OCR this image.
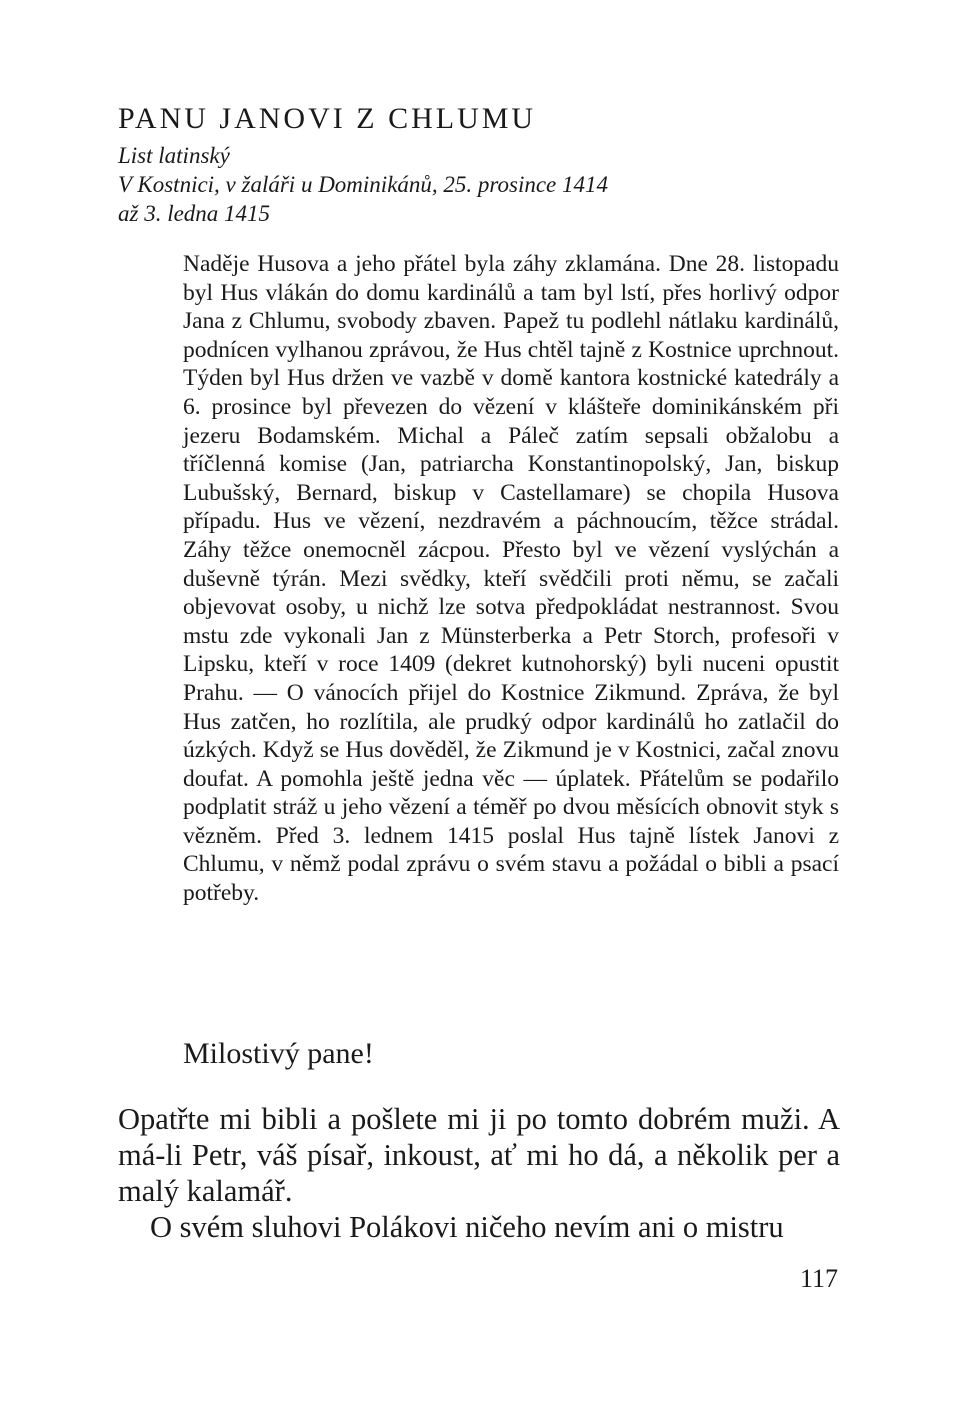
PANU JANOVI Z CHLUMU
List latinský
V Kostnici, v žaláři u Dominikánů, 25. prosince 1414
až 3. ledna 1415
Naděje Husova a jeho přátel byla záhy zklamána. Dne 28. listopadu byl Hus vlákán do domu kardinálů a tam byl lstí, přes horlivý odpor Jana z Chlumu, svobody zbaven. Papež tu podlehl nátlaku kardinálů, podnícen vylhanou zprávou, že Hus chtěl tajně z Kostnice uprchnout. Týden byl Hus držen ve vazbě v domě kantora kostnické katedrály a 6. prosince byl převezen do vězení v klášteře dominikánském při jezeru Bodamském. Michal a Páleč zatím sepsali obžalobu a tříčlenná komise (Jan, patriarcha Konstantinopolský, Jan, biskup Lubušský, Bernard, biskup v Castellamare) se chopila Husova případu. Hus ve vězení, nezdravém a páchnoucím, těžce strádal. Záhy těžce onemocněl zácpou. Přesto byl ve vězení vyslýchán a duševně týrán. Mezi svědky, kteří svědčili proti němu, se začali objevovat osoby, u nichž lze sotva předpokládat nestrannost. Svou mstu zde vykonali Jan z Münsterberka a Petr Storch, profesoři v Lipsku, kteří v roce 1409 (dekret kutnohorský) byli nuceni opustit Prahu. — O vánocích přijel do Kostnice Zikmund. Zpráva, že byl Hus zatčen, ho rozlítila, ale prudký odpor kardinálů ho zatlačil do úzkých. Když se Hus dověděl, že Zikmund je v Kostnici, začal znovu doufat. A pomohla ještě jedna věc — úplatek. Přátelům se podařilo podplatit stráž u jeho vězení a téměř po dvou měsících obnovit styk s vězněm. Před 3. lednem 1415 poslal Hus tajně lístek Janovi z Chlumu, v němž podal zprávu o svém stavu a požádal o bibli a psací potřeby.
Milostivý pane!

Opatřte mi bibli a pošlete mi ji po tomto dobrém muži. A má-li Petr, váš písař, inkoust, ať mi ho dá, a několik per a malý kalamář.

O svém sluhovi Polákovi ničeho nevím ani o mistru

117
